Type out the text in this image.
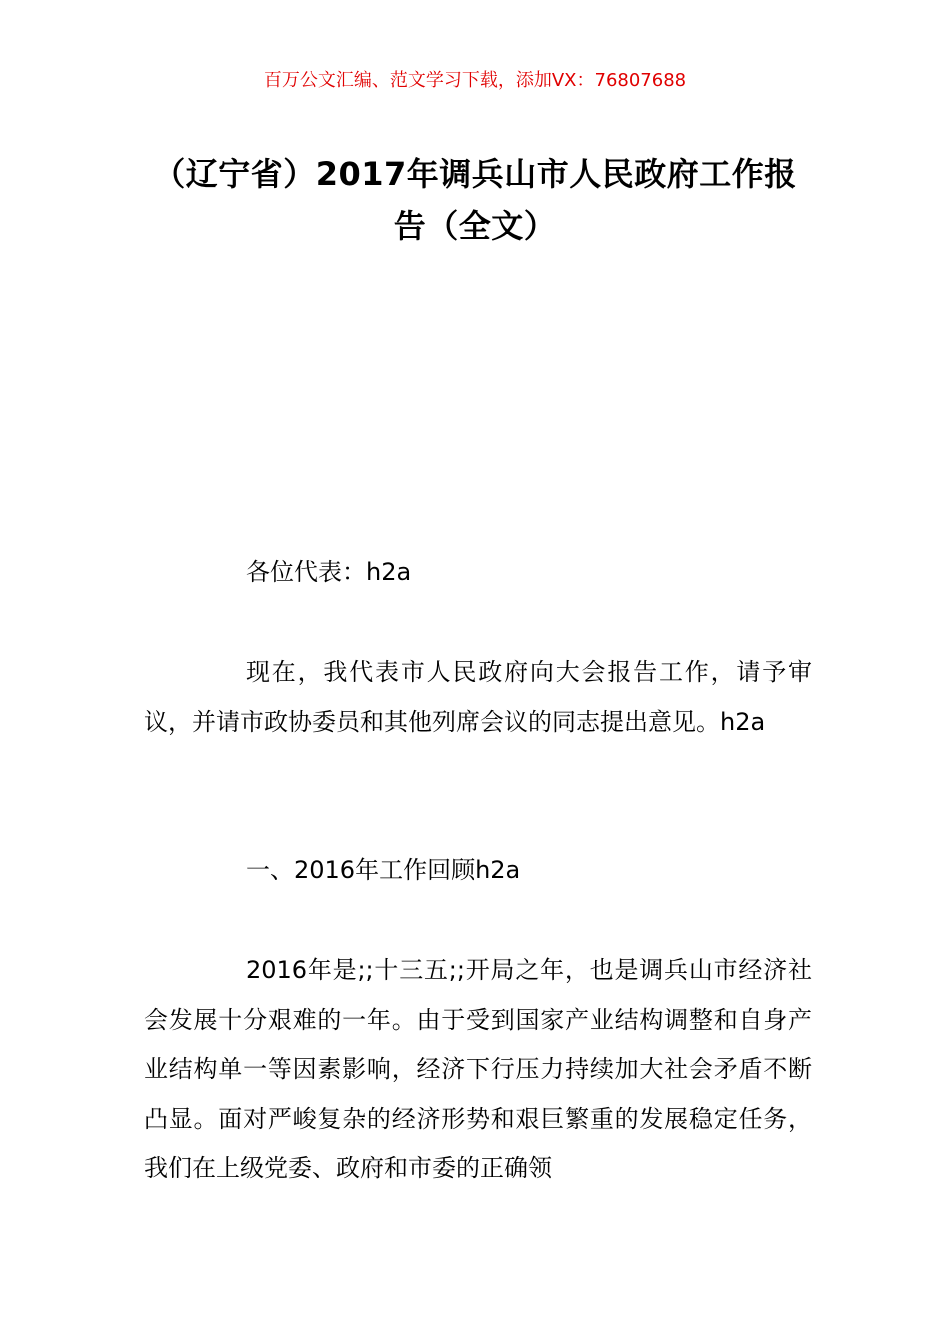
百万公文汇编、范文学习下载，添加VX：76807688
（辽宁省）2017年调兵山市人民政府工作报告（全文）

各位代表：h2a

现在，我代表市人民政府向大会报告工作，请予审议，并请市政协委员和其他列席会议的同志提出意见。h2a

一、2016年工作回顾h2a

2016年是;;十三五;;开局之年，也是调兵山市经济社会发展十分艰难的一年。由于受到国家产业结构调整和自身产业结构单一等因素影响，经济下行压力持续加大社会矛盾不断凸显。面对严峻复杂的经济形势和艰巨繁重的发展稳定任务，我们在上级党委、政府和市委的正确领
